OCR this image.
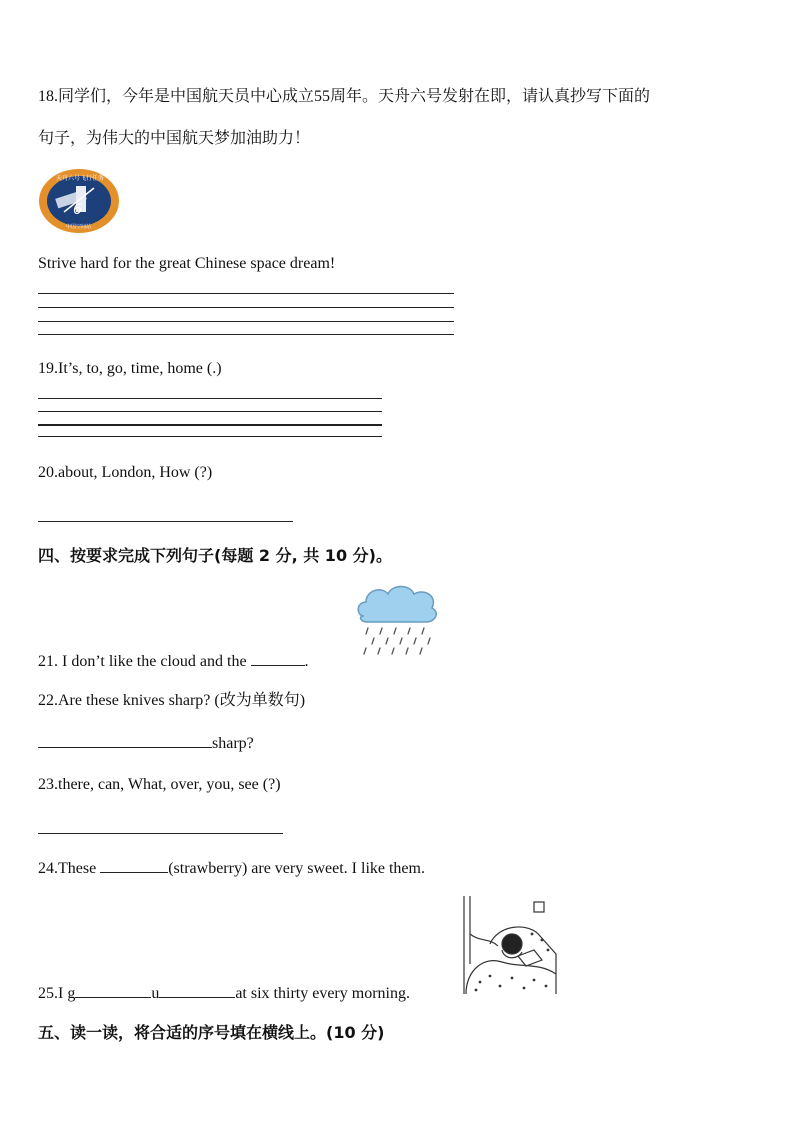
18.同学们，今年是中国航天员中心成立55周年。天舟六号发射在即，请认真抄写下面的
句子，为伟大的中国航天梦加油助力！
天舟六号飞行任务
6
中国空间站
Strive hard for the great Chinese space dream!
19.It’s, to, go, time, home (.)
20.about, London, How (?)
四、按要求完成下列句子(每题 2 分, 共 10 分)。
21. I don’t like the cloud and the	.
22.Are these knives sharp? (改为单数句)
sharp?
23.there, can, What, over, you, see (?)
24.These	(strawberry) are very sweet. I like them.
25.I g	u	at six thirty every morning.
五、读一读，将合适的序号填在横线上。(10 分)
